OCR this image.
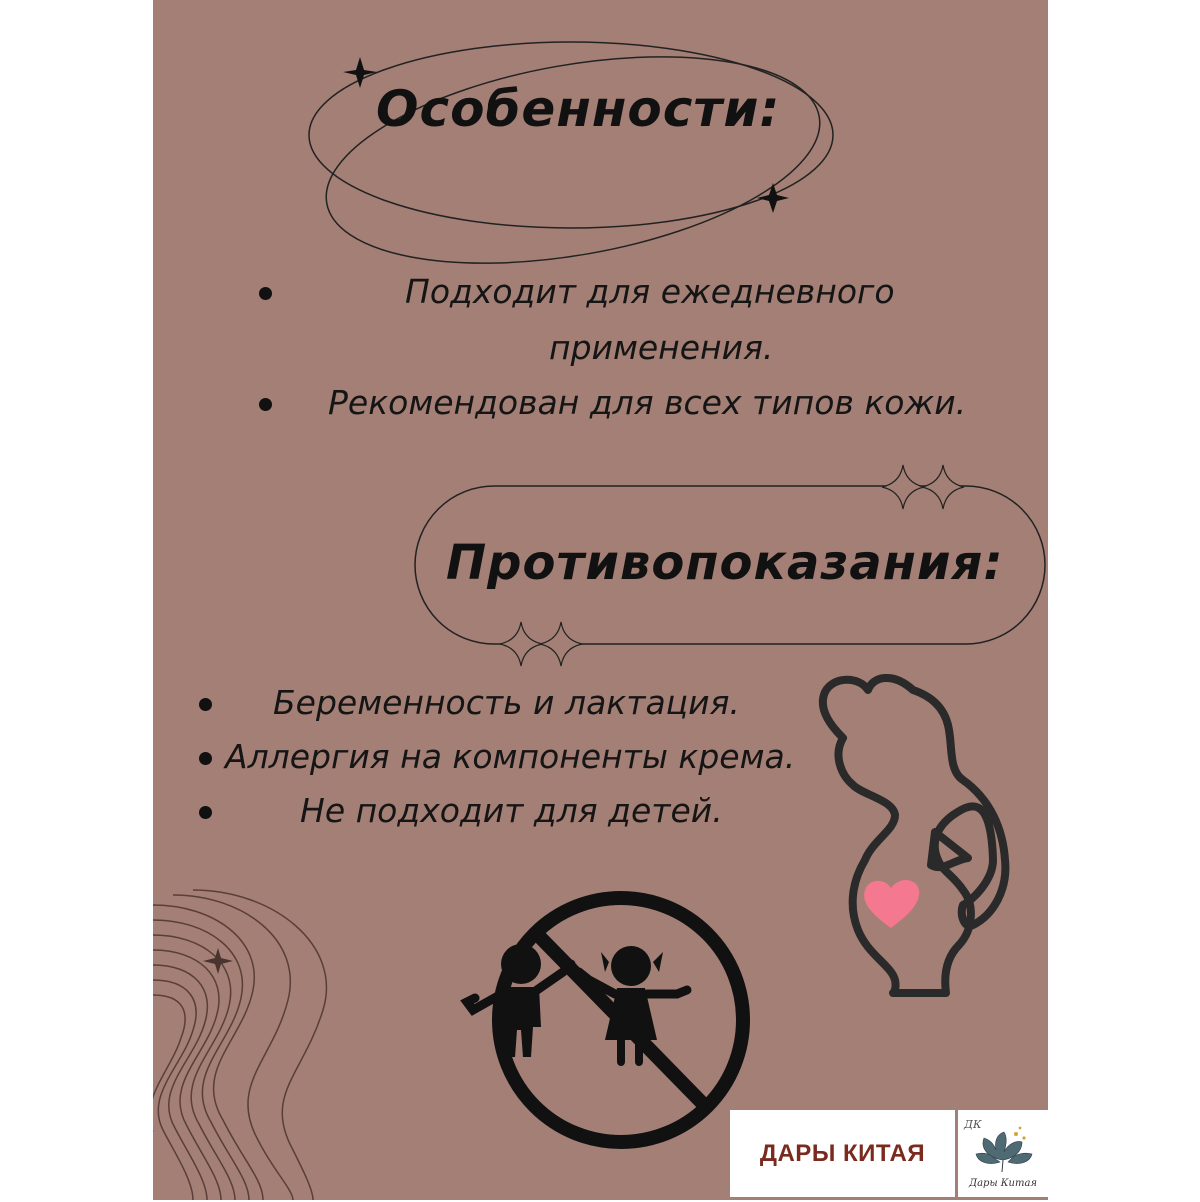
Особенности:
Подходит для ежедневного
применения.
Рекомендован для всех типов кожи.
Противопоказания:
Беременность и лактация.
Аллергия на компоненты крема.
Не подходит для детей.
ДАРЫ КИТАЯ
ДК
Дары Китая
